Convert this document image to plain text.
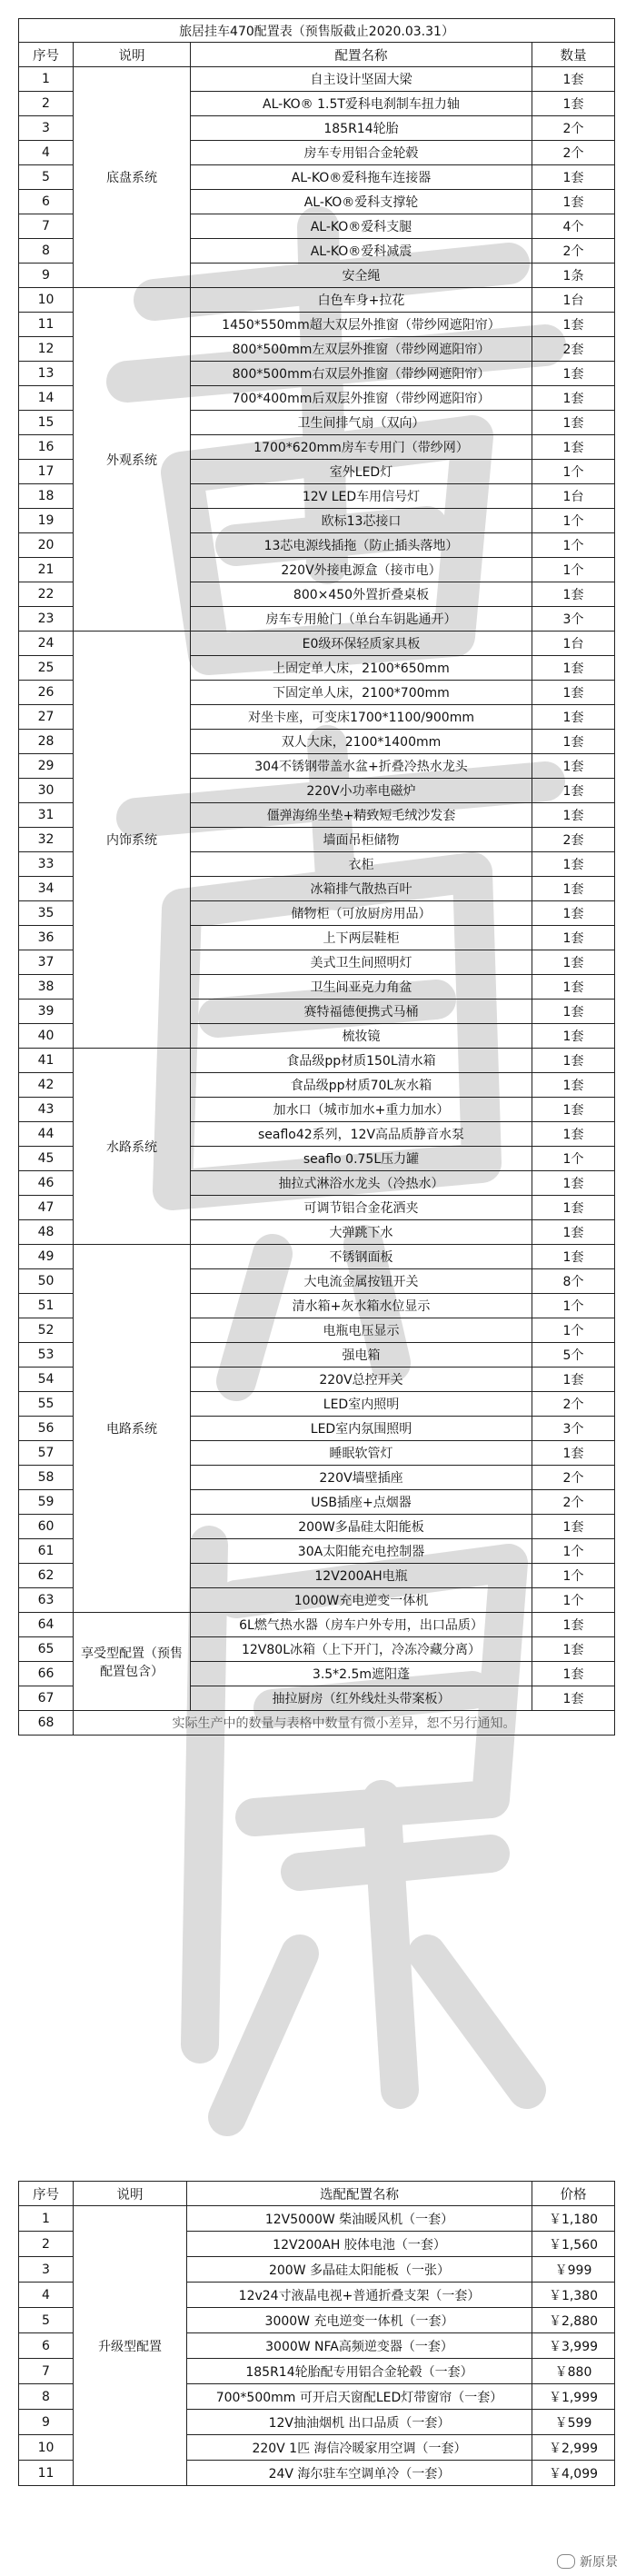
旅居挂车470配置表（预售版截止2020.03.31）			
序号	说明	配置名称	数量
1	底盘系统	自主设计坚固大梁	1套
2		AL-KO® 1.5T爱科电刹制车扭力轴	1套
3		185R14轮胎	2个
4		房车专用铝合金轮毂	2个
5		AL-KO®爱科拖车连接器	1套
6		AL-KO®爱科支撑轮	1套
7		AL-KO®爱科支腿	4个
8		AL-KO®爱科减震	2个
9		安全绳	1条
10	外观系统	白色车身+拉花	1台
11		1450*550mm超大双层外推窗（带纱网遮阳帘）	1套
12		800*500mm左双层外推窗（带纱网遮阳帘）	2套
13		800*500mm右双层外推窗（带纱网遮阳帘）	1套
14		700*400mm后双层外推窗（带纱网遮阳帘）	1套
15		卫生间排气扇（双向）	1套
16		1700*620mm房车专用门（带纱网）	1套
17		室外LED灯	1个
18		12V LED车用信号灯	1台
19		欧标13芯接口	1个
20		13芯电源线插拖（防止插头落地）	1个
21		220V外接电源盒（接市电）	1个
22		800×450外置折叠桌板	1套
23		房车专用舱门（单台车钥匙通开）	3个
24	内饰系统	E0级环保轻质家具板	1台
25		上固定单人床，2100*650mm	1套
26		下固定单人床，2100*700mm	1套
27		对坐卡座，可变床1700*1100/900mm	1套
28		双人大床，2100*1400mm	1套
29		304不锈钢带盖水盆+折叠冷热水龙头	1套
30		220V小功率电磁炉	1套
31		僵弹海绵坐垫+精致短毛绒沙发套	1套
32		墙面吊柜储物	2套
33		衣柜	1套
34		冰箱排气散热百叶	1套
35		储物柜（可放厨房用品）	1套
36		上下两层鞋柜	1套
37		美式卫生间照明灯	1套
38		卫生间亚克力角盆	1套
39		赛特福德便携式马桶	1套
40		梳妆镜	1套
41	水路系统	食品级pp材质150L清水箱	1套
42		食品级pp材质70L灰水箱	1套
43		加水口（城市加水+重力加水）	1套
44		seaflo42系列，12V高品质静音水泵	1套
45		seaflo 0.75L压力罐	1个
46		抽拉式淋浴水龙头（冷热水）	1套
47		可调节铝合金花洒夹	1套
48		大弹跳下水	1套
49	电路系统	不锈钢面板	1套
50		大电流金属按钮开关	8个
51		清水箱+灰水箱水位显示	1个
52		电瓶电压显示	1个
53		强电箱	5个
54		220V总控开关	1套
55		LED室内照明	2个
56		LED室内氛围照明	3个
57		睡眠软管灯	1套
58		220V墙壁插座	2个
59		USB插座+点烟器	2个
60		200W多晶硅太阳能板	1套
61		30A太阳能充电控制器	1个
62		12V200AH电瓶	1个
63		1000W充电逆变一体机	1个
64	享受型配置（预售配置包含）	6L燃气热水器（房车户外专用，出口品质）	1套
65		12V80L冰箱（上下开门，冷冻冷藏分离）	1套
66		3.5*2.5m遮阳蓬	1套
67		抽拉厨房（红外线灶头带案板）	1套
68	实际生产中的数量与表格中数量有微小差异，恕不另行通知。		
序号	说明	选配配置名称	价格
1	升级型配置	12V5000W 柴油暖风机（一套）	￥1,180
2		12V200AH 胶体电池（一套）	￥1,560
3		200W 多晶硅太阳能板（一张）	￥999
4		12v24寸液晶电视+普通折叠支架（一套）	￥1,380
5		3000W 充电逆变一体机（一套）	￥2,880
6		3000W NFA高频逆变器（一套）	￥3,999
7		185R14轮胎配专用铝合金轮毂（一套）	￥880
8		700*500mm 可开启天窗配LED灯带窗帘（一套）	￥1,999
9		12V抽油烟机 出口品质（一套）	￥599
10		220V 1匹 海信冷暖家用空调（一套）	￥2,999
11		24V 海尔驻车空调单冷（一套）	￥4,099
新原景
